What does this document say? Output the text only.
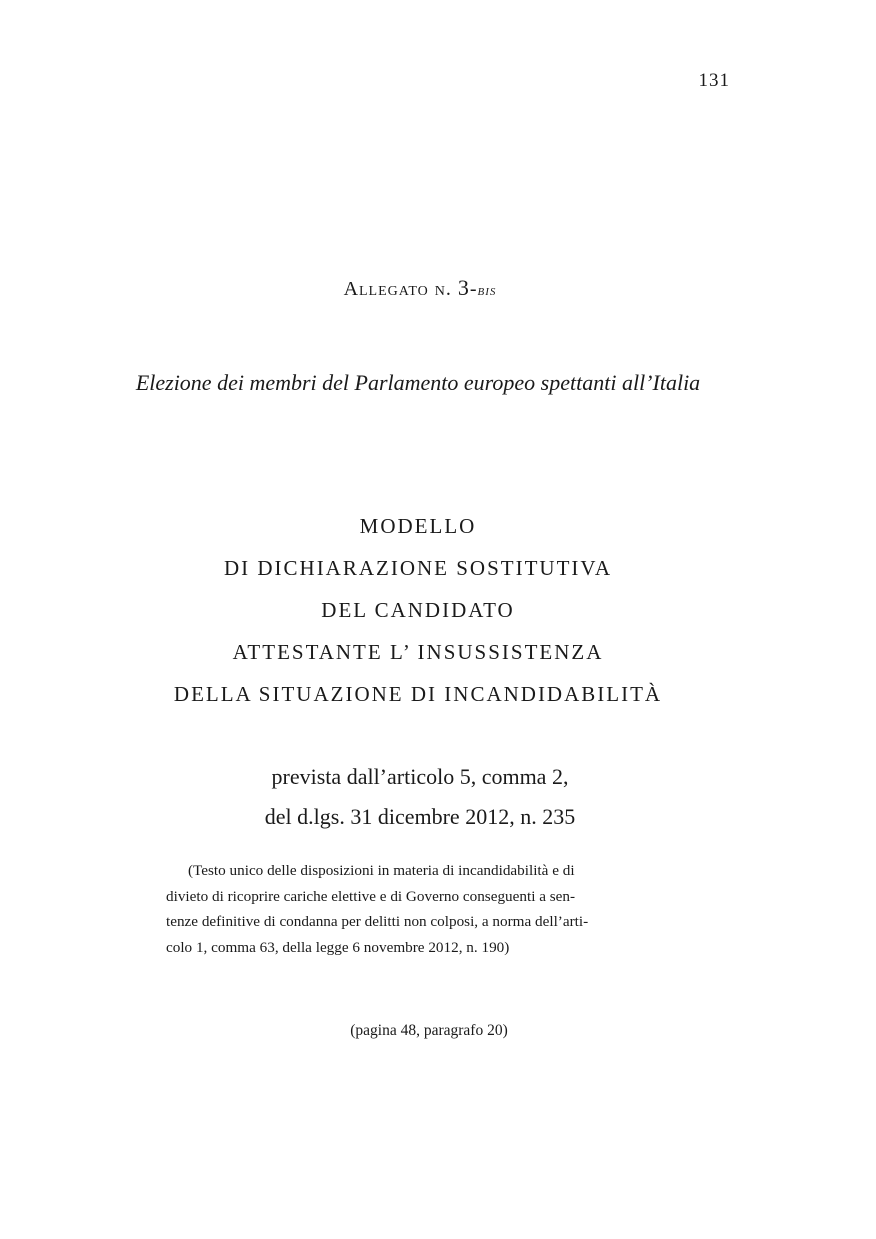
131
Allegato n. 3-bis
Elezione dei membri del Parlamento europeo spettanti all’Italia
MODELLO
DI DICHIARAZIONE SOSTITUTIVA
DEL CANDIDATO
ATTESTANTE L’ INSUSSISTENZA
DELLA SITUAZIONE DI INCANDIDABILITÀ
prevista dall’articolo 5, comma 2,
del d.lgs. 31 dicembre 2012, n. 235
(Testo unico delle disposizioni in materia di incandidabilità e di
divieto di ricoprire cariche elettive e di Governo conseguenti a sen-
tenze definitive di condanna per delitti non colposi, a norma dell’arti-
colo 1, comma 63, della legge 6 novembre 2012, n. 190)
(pagina 48, paragrafo 20)
